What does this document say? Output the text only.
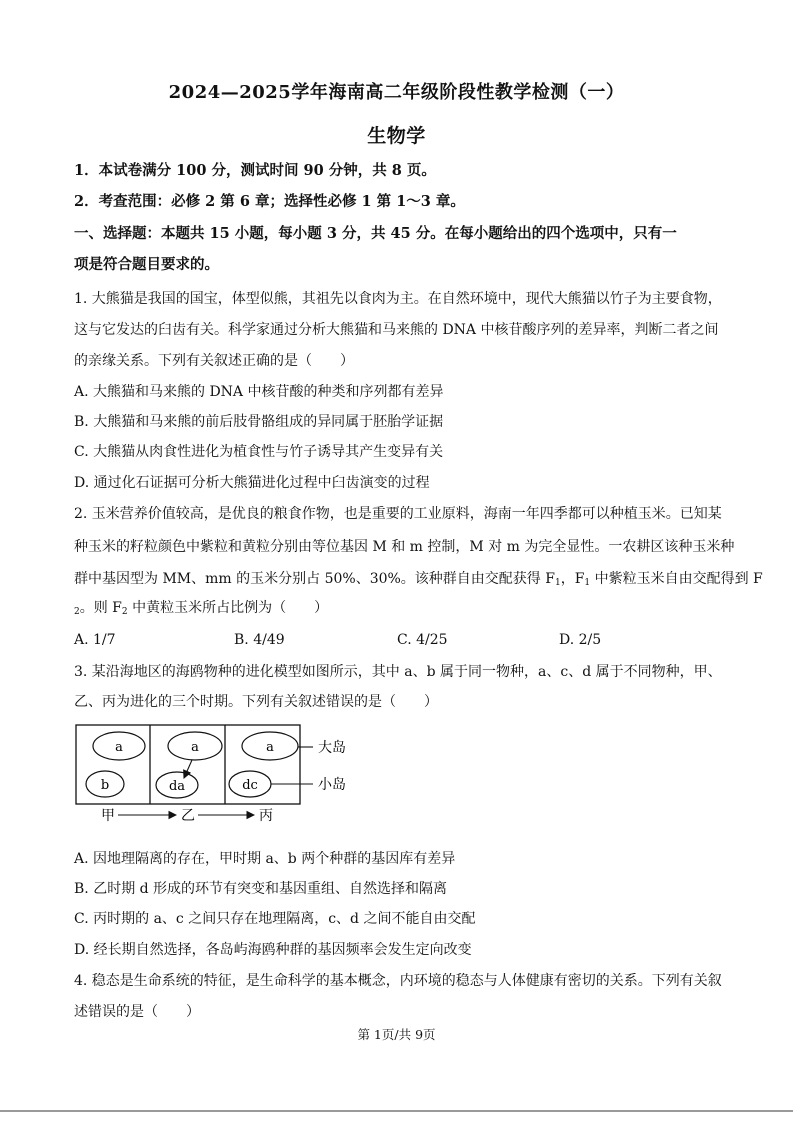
2024—2025学年海南高二年级阶段性教学检测（一）
生物学
1．本试卷满分 100 分，测试时间 90 分钟，共 8 页。
2．考查范围：必修 2 第 6 章；选择性必修 1 第 1～3 章。
一、选择题：本题共 15 小题，每小题 3 分，共 45 分。在每小题给出的四个选项中，只有一
项是符合题目要求的。
1. 大熊猫是我国的国宝，体型似熊，其祖先以食肉为主。在自然环境中，现代大熊猫以竹子为主要食物，
这与它发达的臼齿有关。科学家通过分析大熊猫和马来熊的 DNA 中核苷酸序列的差异率，判断二者之间
的亲缘关系。下列有关叙述正确的是（　　）
A. 大熊猫和马来熊的 DNA 中核苷酸的种类和序列都有差异
B. 大熊猫和马来熊的前后肢骨骼组成的异同属于胚胎学证据
C. 大熊猫从肉食性进化为植食性与竹子诱导其产生变异有关
D. 通过化石证据可分析大熊猫进化过程中臼齿演变的过程
2. 玉米营养价值较高，是优良的粮食作物，也是重要的工业原料，海南一年四季都可以种植玉米。已知某
种玉米的籽粒颜色中紫粒和黄粒分别由等位基因 M 和 m 控制，M 对 m 为完全显性。一农耕区该种玉米种
群中基因型为 MM、mm 的玉米分别占 50%、30%。该种群自由交配获得 $F_1$，$F_1$ 中紫粒玉米自由交配得到 F
$_2$。则 $F_2$ 中黄粒玉米所占比例为（　　）
A. 1/7	B. 4/49	C. 4/25	D. 2/5
3. 某沿海地区的海鸥物种的进化模型如图所示，其中 a、b 属于同一物种，a、c、d 属于不同物种，甲、
乙、丙为进化的三个时期。下列有关叙述错误的是（　　）
a
b
a
da
a
dc
大岛
小岛
甲	乙	丙
A. 因地理隔离的存在，甲时期 a、b 两个种群的基因库有差异
B. 乙时期 d 形成的环节有突变和基因重组、自然选择和隔离
C. 丙时期的 a、c 之间只存在地理隔离，c、d 之间不能自由交配
D. 经长期自然选择，各岛屿海鸥种群的基因频率会发生定向改变
4. 稳态是生命系统的特征，是生命科学的基本概念，内环境的稳态与人体健康有密切的关系。下列有关叙
述错误的是（　　）
第 1页/共 9页
